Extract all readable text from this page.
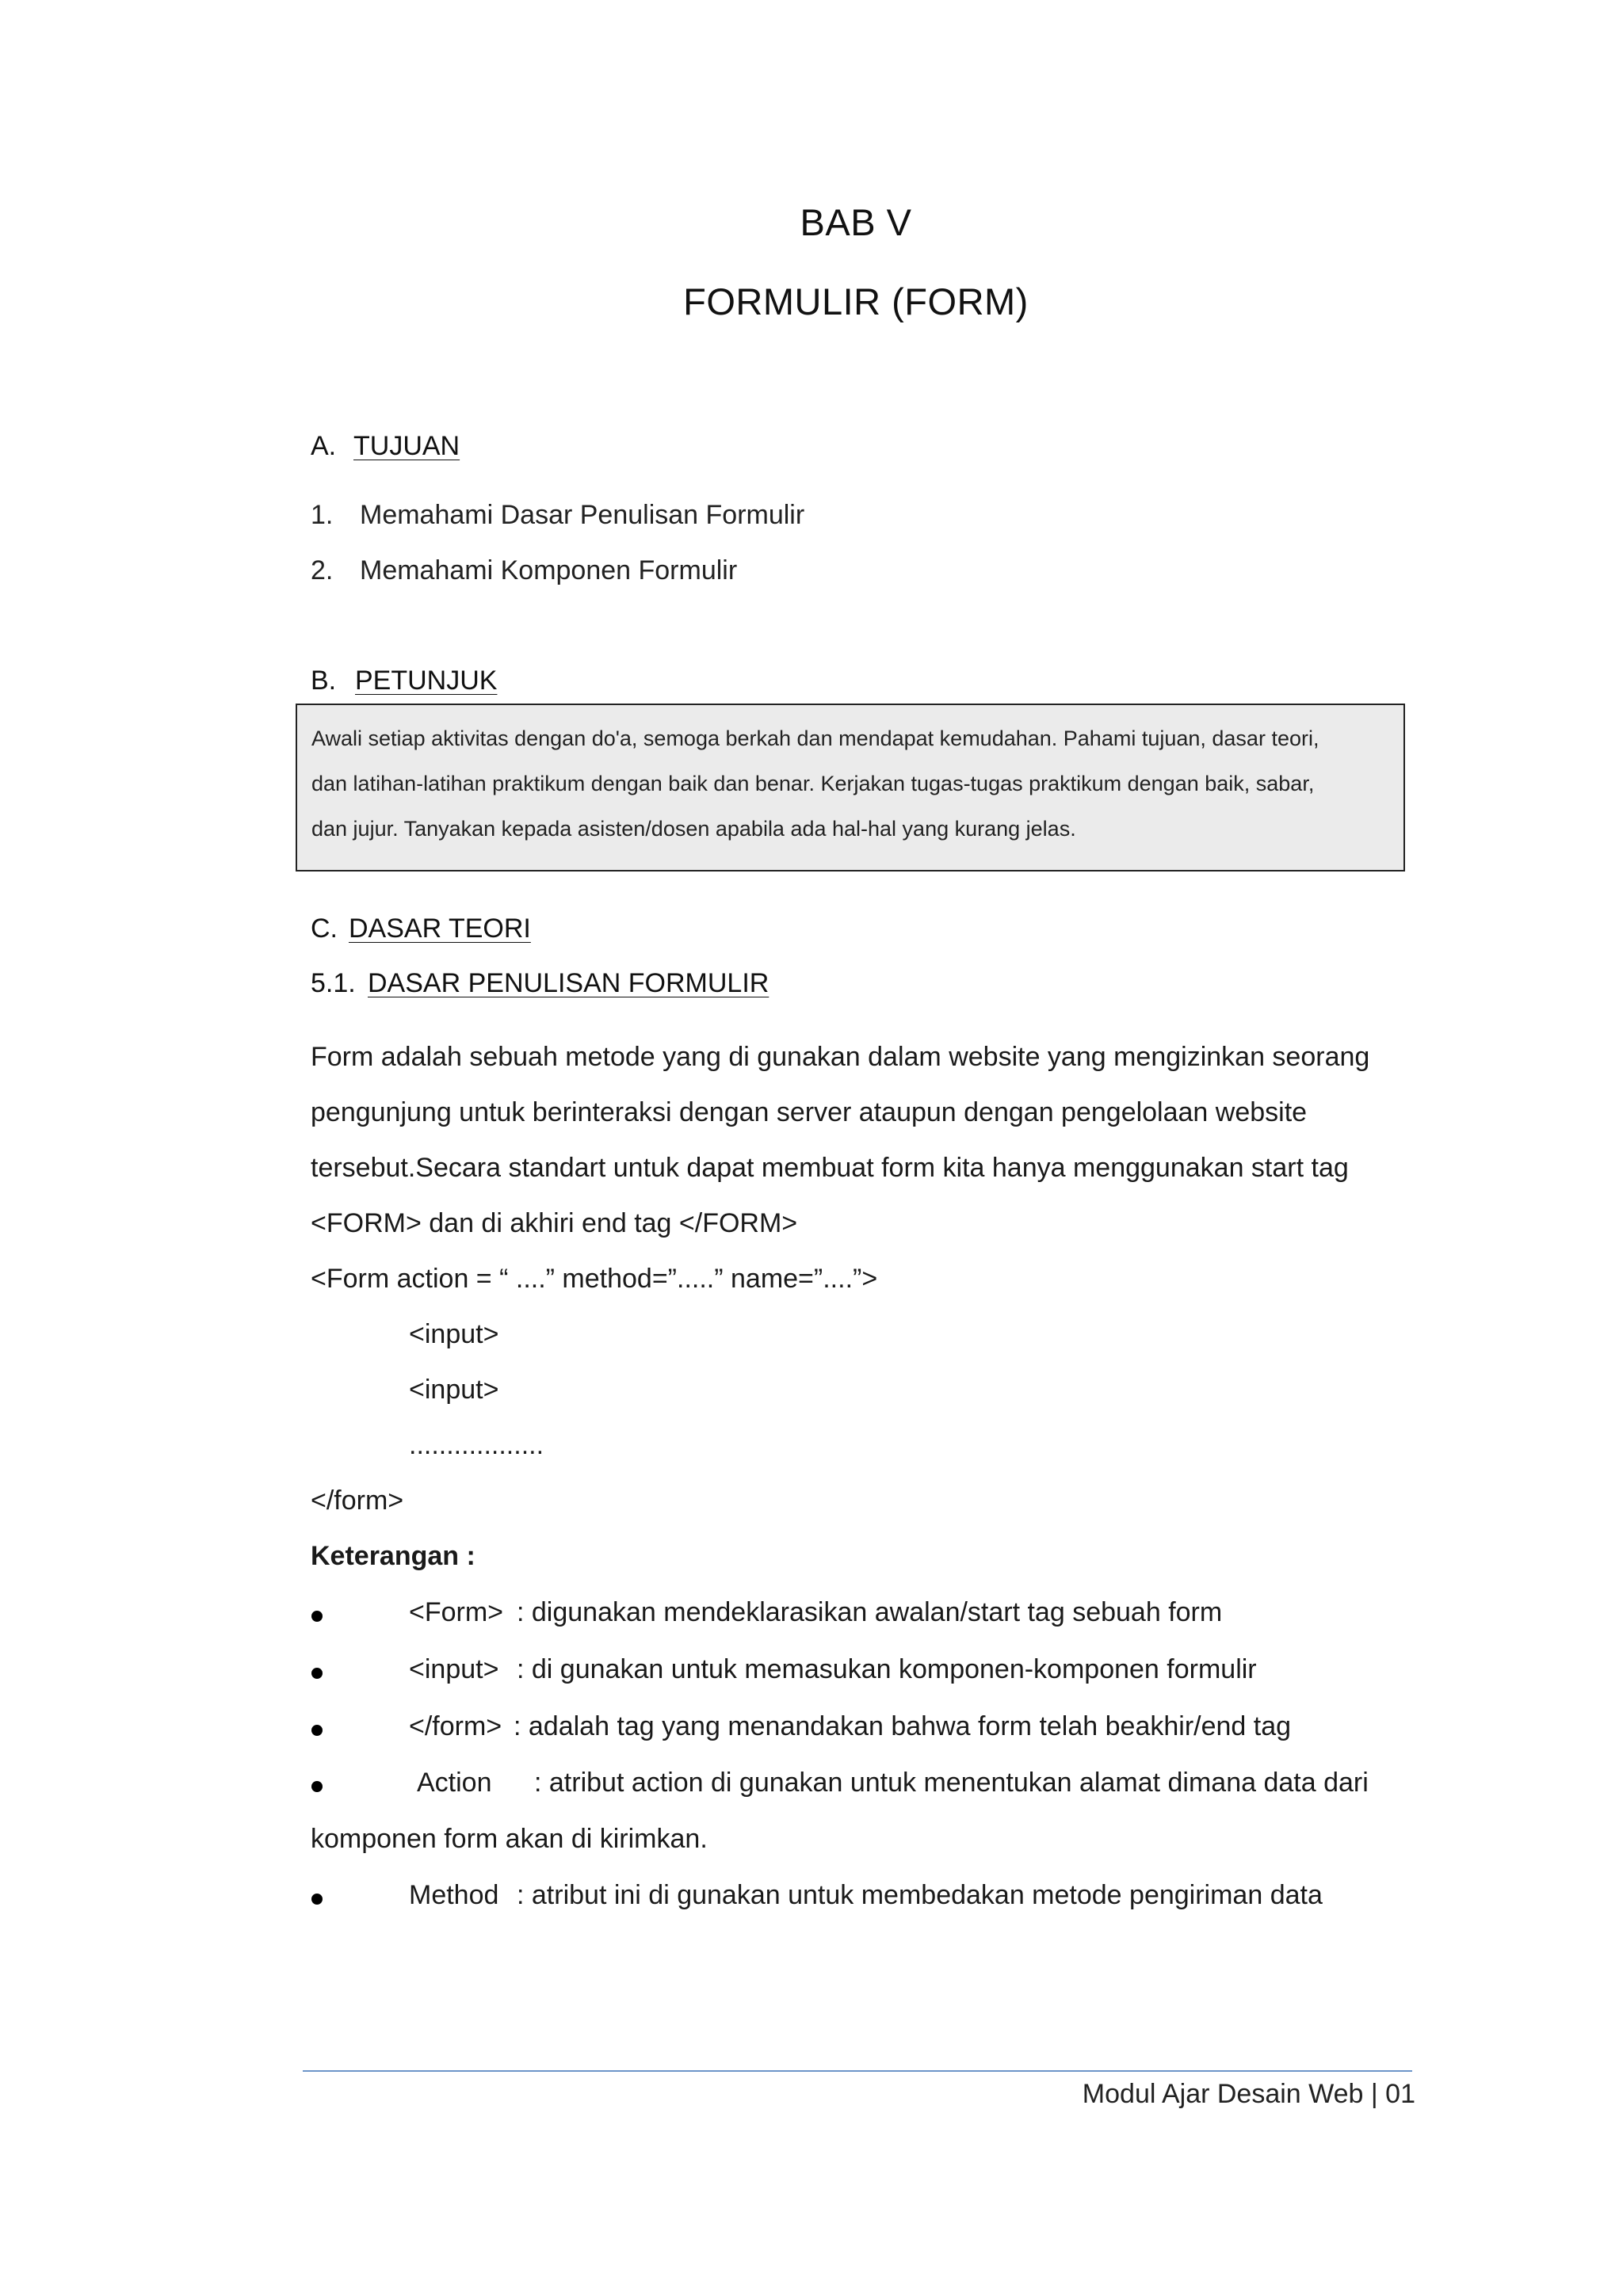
BAB V
FORMULIR (FORM)
A. TUJUAN
1. Memahami Dasar Penulisan Formulir
2. Memahami Komponen Formulir
B. PETUNJUK
Awali setiap aktivitas dengan do'a, semoga berkah dan mendapat kemudahan. Pahami tujuan, dasar teori,
dan latihan-latihan praktikum dengan baik dan benar. Kerjakan tugas-tugas praktikum dengan baik, sabar,
dan jujur. Tanyakan kepada asisten/dosen apabila ada hal-hal yang kurang jelas.
C. DASAR TEORI
5.1. DASAR PENULISAN FORMULIR
Form adalah sebuah metode yang di gunakan dalam website yang mengizinkan seorang
pengunjung untuk berinteraksi dengan server ataupun dengan pengelolaan website
tersebut.Secara standart untuk dapat membuat form kita hanya menggunakan start tag
<FORM> dan di akhiri end tag </FORM>
<Form action = “ ....” method=”.....” name=”....”>
<input>
<input>
..................
</form>
Keterangan :
<Form> : digunakan mendeklarasikan awalan/start tag sebuah form
<input> : di gunakan untuk memasukan komponen-komponen formulir
</form> : adalah tag yang menandakan bahwa form telah beakhir/end tag
Action : atribut action di gunakan untuk menentukan alamat dimana data dari
komponen form akan di kirimkan.
Method : atribut ini di gunakan untuk membedakan metode pengiriman data
Modul Ajar Desain Web | 01
